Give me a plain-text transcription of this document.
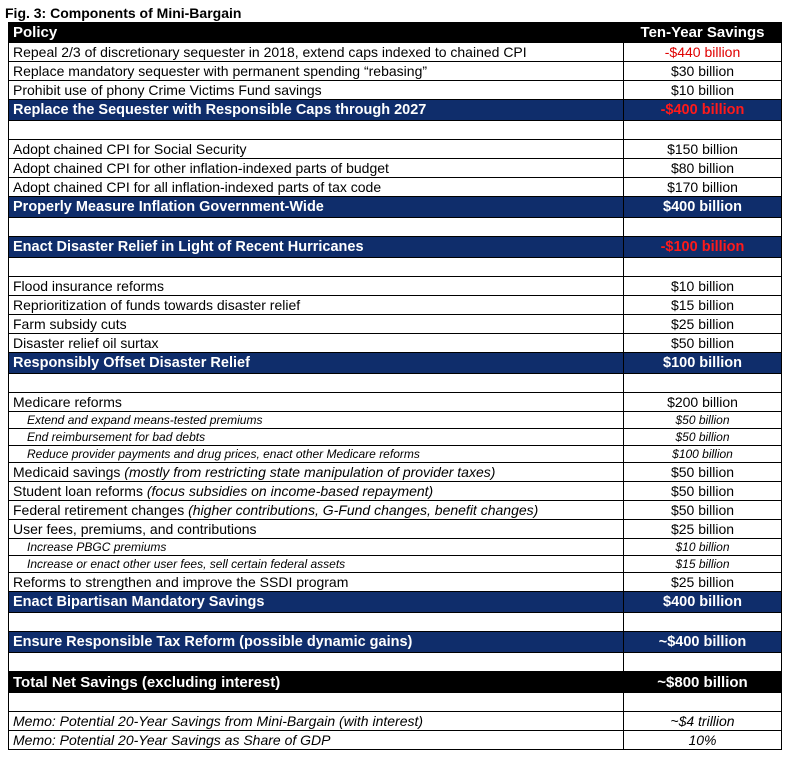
Fig. 3: Components of Mini-Bargain
Policy	Ten-Year Savings
Repeal 2/3 of discretionary sequester in 2018, extend caps indexed to chained CPI	-$440 billion
Replace mandatory sequester with permanent spending “rebasing”	$30 billion
Prohibit use of phony Crime Victims Fund savings	$10 billion
Replace the Sequester with Responsible Caps through 2027	-$400 billion

Adopt chained CPI for Social Security	$150 billion
Adopt chained CPI for other inflation-indexed parts of budget	$80 billion
Adopt chained CPI for all inflation-indexed parts of tax code	$170 billion
Properly Measure Inflation Government-Wide	$400 billion

Enact Disaster Relief in Light of Recent Hurricanes	-$100 billion

Flood insurance reforms	$10 billion
Reprioritization of funds towards disaster relief	$15 billion
Farm subsidy cuts	$25 billion
Disaster relief oil surtax	$50 billion
Responsibly Offset Disaster Relief	$100 billion

Medicare reforms	$200 billion
Extend and expand means-tested premiums	$50 billion
End reimbursement for bad debts	$50 billion
Reduce provider payments and drug prices, enact other Medicare reforms	$100 billion
Medicaid savings (mostly from restricting state manipulation of provider taxes)	$50 billion
Student loan reforms (focus subsidies on income-based repayment)	$50 billion
Federal retirement changes (higher contributions, G-Fund changes, benefit changes)	$50 billion
User fees, premiums, and contributions	$25 billion
Increase PBGC premiums	$10 billion
Increase or enact other user fees, sell certain federal assets	$15 billion
Reforms to strengthen and improve the SSDI program	$25 billion
Enact Bipartisan Mandatory Savings	$400 billion

Ensure Responsible Tax Reform (possible dynamic gains)	~$400 billion

Total Net Savings (excluding interest)	~$800 billion

Memo: Potential 20-Year Savings from Mini-Bargain (with interest)	~$4 trillion
Memo: Potential 20-Year Savings as Share of GDP	10%
